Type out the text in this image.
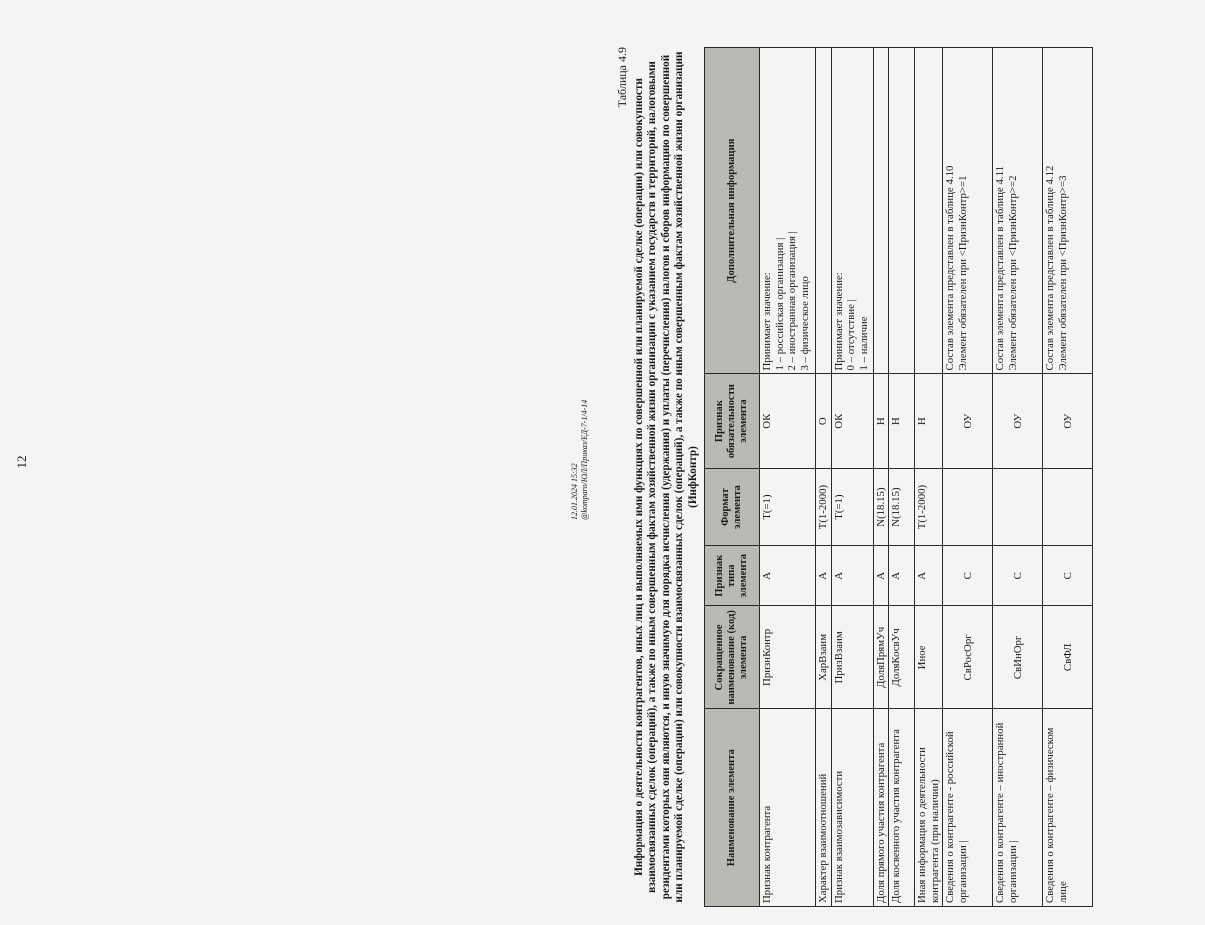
12
12.01.2024 15:32 @komparo/ЮЛ/Приказ/ЕД-7-1/4-14
Таблица 4.9
Информация о деятельности контрагентов, иных лиц и выполняемых ими функциях по совершенной или планируемой сделке (операции) или совокупности взаимосвязанных сделок (операций), а также по иным совершенным фактам хозяйственной жизни организации с указанием государств и территорий, налоговыми резидентами которых они являются, и иную значимую для порядка исчисления (удержания) и уплаты (перечисления) налогов и сборов информацию по совершенной или планируемой сделке (операции) или совокупности взаимосвязанных сделок (операций), а также по иным совершенным фактам хозяйственной жизни организации (ИнфКонтр)
Наименование элемента	Сокращенное наименование (код) элемента	Признак типа элемента	Формат элемента	Признак обязательности элемента	Дополнительная информация
Признак контрагента	ПризнКонтр	А	T(=1)	ОК	Принимает значение:
1 – российская организация |
2 – иностранная организация |
3 – физическое лицо
Характер взаимоотношений	ХарВзаим	А	T(1-2000)	О	
Признак взаимозависимости	ПризВзаим	А	T(=1)	ОК	Принимает значение:
0 – отсутствие |
1 – наличие
Доля прямого участия контрагента	ДоляПрямУч	А	N(18.15)	Н	
Доля косвенного участия контрагента	ДоляКосвУч	А	N(18.15)	Н	
Иная информация о деятельности контрагента (при наличии)	Иное	А	T(1-2000)	Н	
Сведения о контрагенте - российской организации |	СвРосОрг	С		ОУ	Состав элемента представлен в таблице 4.10
Элемент обязателен при <ПризнКонтр>=1
Сведения о контрагенте – иностранной организации |	СвИнОрг	С		ОУ	Состав элемента представлен в таблице 4.11
Элемент обязателен при <ПризнКонтр>=2
Сведения о контрагенте – физическом лице	СвФЛ	С		ОУ	Состав элемента представлен в таблице 4.12
Элемент обязателен при <ПризнКонтр>=3
